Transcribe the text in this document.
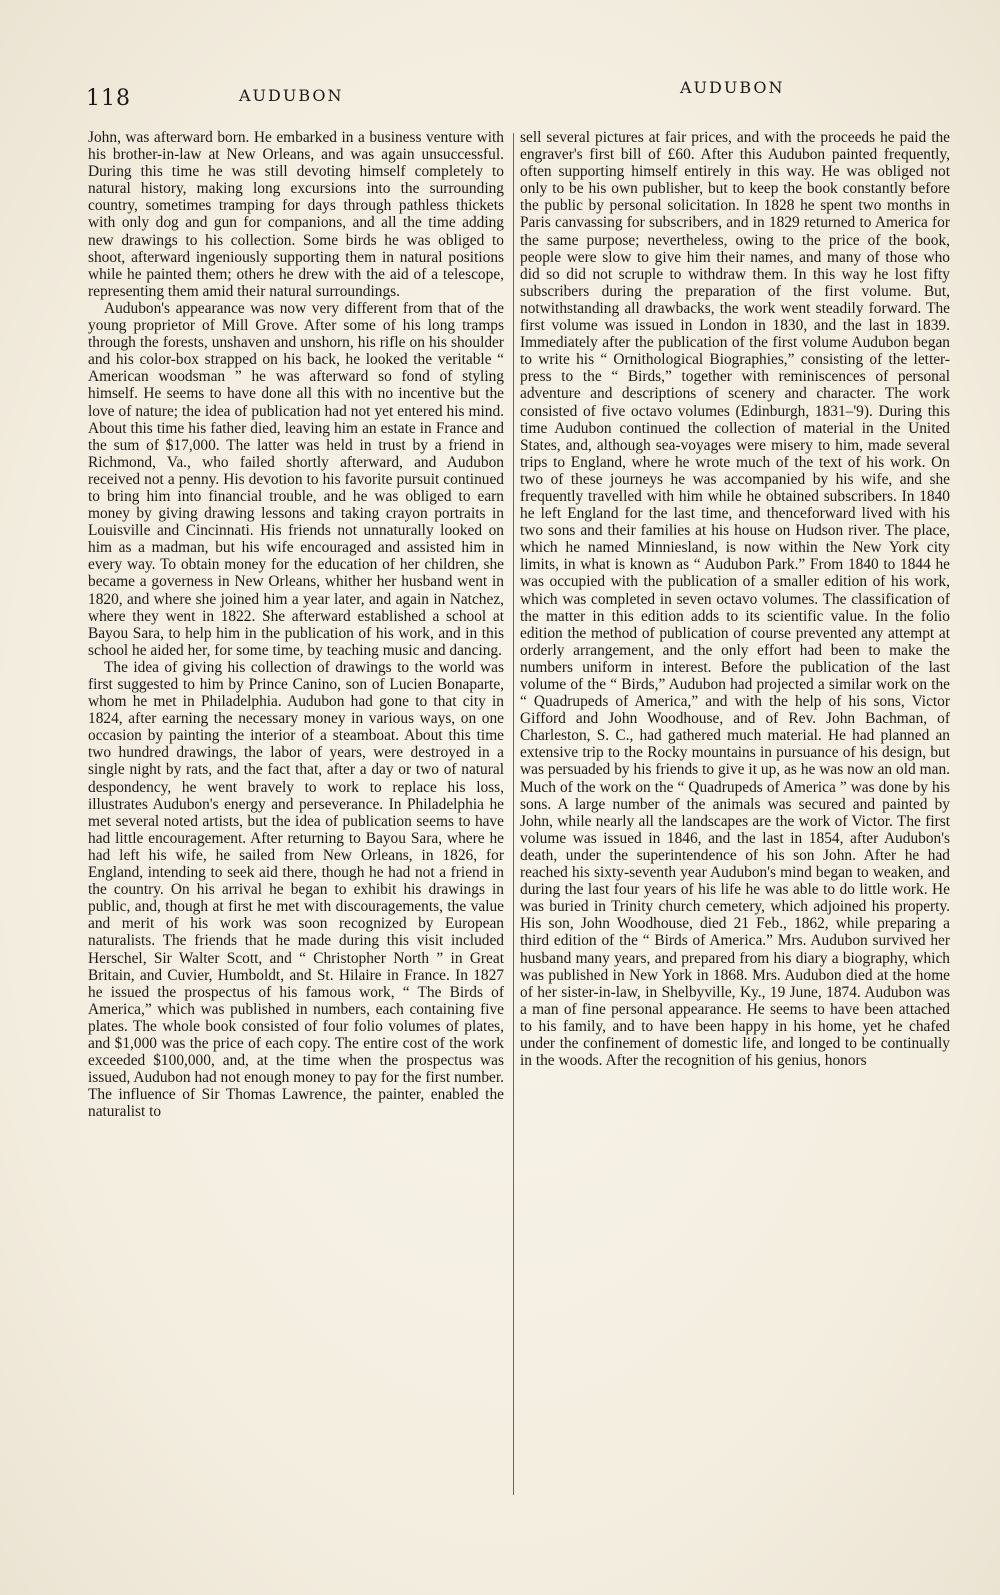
118	AUDUBON	AUDUBON

John, was afterward born. He embarked in a business venture with his brother-in-law at New Orleans, and was again unsuccessful. During this time he was still devoting himself completely to natural history, making long excursions into the surrounding country, sometimes tramping for days through pathless thickets with only dog and gun for companions, and all the time adding new drawings to his collection. Some birds he was obliged to shoot, afterward ingeniously supporting them in natural positions while he painted them; others he drew with the aid of a telescope, representing them amid their natural surroundings.

Audubon's appearance was now very different from that of the young proprietor of Mill Grove. After some of his long tramps through the forests, unshaven and unshorn, his rifle on his shoulder and his color-box strapped on his back, he looked the veritable “ American woodsman ” he was afterward so fond of styling himself. He seems to have done all this with no incentive but the love of nature; the idea of publication had not yet entered his mind. About this time his father died, leaving him an estate in France and the sum of $17,000. The latter was held in trust by a friend in Richmond, Va., who failed shortly afterward, and Audubon received not a penny. His devotion to his favorite pursuit continued to bring him into financial trouble, and he was obliged to earn money by giving drawing lessons and taking crayon portraits in Louisville and Cincinnati. His friends not unnaturally looked on him as a madman, but his wife encouraged and assisted him in every way. To obtain money for the education of her children, she became a governess in New Orleans, whither her husband went in 1820, and where she joined him a year later, and again in Natchez, where they went in 1822. She afterward established a school at Bayou Sara, to help him in the publication of his work, and in this school he aided her, for some time, by teaching music and dancing.

The idea of giving his collection of drawings to the world was first suggested to him by Prince Canino, son of Lucien Bonaparte, whom he met in Philadelphia. Audubon had gone to that city in 1824, after earning the necessary money in various ways, on one occasion by painting the interior of a steamboat. About this time two hundred drawings, the labor of years, were destroyed in a single night by rats, and the fact that, after a day or two of natural despondency, he went bravely to work to replace his loss, illustrates Audubon's energy and perseverance. In Philadelphia he met several noted artists, but the idea of publication seems to have had little encouragement. After returning to Bayou Sara, where he had left his wife, he sailed from New Orleans, in 1826, for England, intending to seek aid there, though he had not a friend in the country. On his arrival he began to exhibit his drawings in public, and, though at first he met with discouragements, the value and merit of his work was soon recognized by European naturalists. The friends that he made during this visit included Herschel, Sir Walter Scott, and “ Christopher North ” in Great Britain, and Cuvier, Humboldt, and St. Hilaire in France. In 1827 he issued the prospectus of his famous work, “ The Birds of America,” which was published in numbers, each containing five plates. The whole book consisted of four folio volumes of plates, and $1,000 was the price of each copy. The entire cost of the work exceeded $100,000, and, at the time when the prospectus was issued, Audubon had not enough money to pay for the first number. The influence of Sir Thomas Lawrence, the painter, enabled the naturalist to

sell several pictures at fair prices, and with the proceeds he paid the engraver's first bill of £60. After this Audubon painted frequently, often supporting himself entirely in this way. He was obliged not only to be his own publisher, but to keep the book constantly before the public by personal solicitation. In 1828 he spent two months in Paris canvassing for subscribers, and in 1829 returned to America for the same purpose; nevertheless, owing to the price of the book, people were slow to give him their names, and many of those who did so did not scruple to withdraw them. In this way he lost fifty subscribers during the preparation of the first volume. But, notwithstanding all drawbacks, the work went steadily forward. The first volume was issued in London in 1830, and the last in 1839. Immediately after the publication of the first volume Audubon began to write his “ Ornithological Biographies,” consisting of the letter-press to the “ Birds,” together with reminiscences of personal adventure and descriptions of scenery and character. The work consisted of five octavo volumes (Edinburgh, 1831–'9). During this time Audubon continued the collection of material in the United States, and, although sea-voyages were misery to him, made several trips to England, where he wrote much of the text of his work. On two of these journeys he was accompanied by his wife, and she frequently travelled with him while he obtained subscribers. In 1840 he left England for the last time, and thenceforward lived with his two sons and their families at his house on Hudson river. The place, which he named Minniesland, is now within the New York city limits, in what is known as “ Audubon Park.” From 1840 to 1844 he was occupied with the publication of a smaller edition of his work, which was completed in seven octavo volumes. The classification of the matter in this edition adds to its scientific value. In the folio edition the method of publication of course prevented any attempt at orderly arrangement, and the only effort had been to make the numbers uniform in interest. Before the publication of the last volume of the “ Birds,” Audubon had projected a similar work on the “ Quadrupeds of America,” and with the help of his sons, Victor Gifford and John Woodhouse, and of Rev. John Bachman, of Charleston, S. C., had gathered much material. He had planned an extensive trip to the Rocky mountains in pursuance of his design, but was persuaded by his friends to give it up, as he was now an old man. Much of the work on the “ Quadrupeds of America ” was done by his sons. A large number of the animals was secured and painted by John, while nearly all the landscapes are the work of Victor. The first volume was issued in 1846, and the last in 1854, after Audubon's death, under the superintendence of his son John. After he had reached his sixty-seventh year Audubon's mind began to weaken, and during the last four years of his life he was able to do little work. He was buried in Trinity church cemetery, which adjoined his property. His son, John Woodhouse, died 21 Feb., 1862, while preparing a third edition of the “ Birds of America.” Mrs. Audubon survived her husband many years, and prepared from his diary a biography, which was published in New York in 1868. Mrs. Audubon died at the home of her sister-in-law, in Shelbyville, Ky., 19 June, 1874. Audubon was a man of fine personal appearance. He seems to have been attached to his family, and to have been happy in his home, yet he chafed under the confinement of domestic life, and longed to be continually in the woods. After the recognition of his genius, honors
